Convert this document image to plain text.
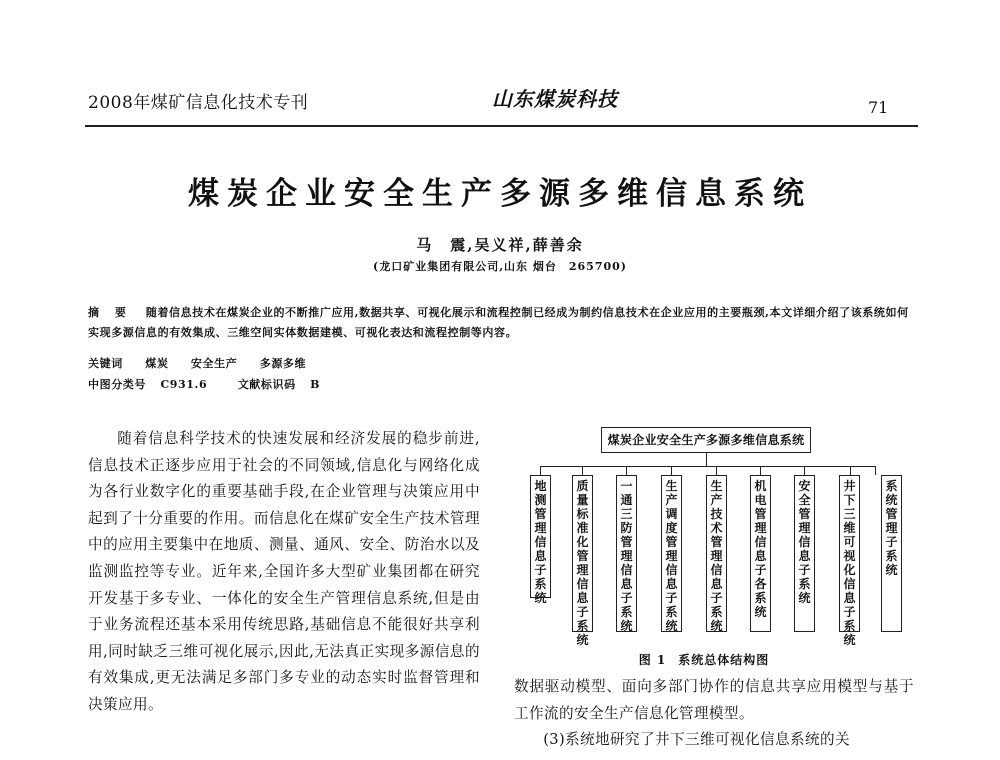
2008年煤矿信息化技术专刊	山东煤炭科技	71
煤炭企业安全生产多源多维信息系统
马　震,吴义祥,薛善余
(龙口矿业集团有限公司,山东 烟台　265700)
摘 要 随着信息技术在煤炭企业的不断推广应用,数据共享、可视化展示和流程控制已经成为制约信息技术在企业应用的主要瓶颈,本文详细介绍了该系统如何实现多源信息的有效集成、三维空间实体数据建模、可视化表达和流程控制等内容。
关键词 煤炭 安全生产 多源多维
中图分类号 C931.6	文献标识码 B

随着信息科学技术的快速发展和经济发展的稳步前进,信息技术正逐步应用于社会的不同领域,信息化与网络化成为各行业数字化的重要基础手段,在企业管理与决策应用中起到了十分重要的作用。而信息化在煤矿安全生产技术管理中的应用主要集中在地质、测量、通风、安全、防治水以及监测监控等专业。近年来,全国许多大型矿业集团都在研究开发基于多专业、一体化的安全生产管理信息系统,但是由于业务流程还基本采用传统思路,基础信息不能很好共享利用,同时缺乏三维可视化展示,因此,无法真正实现多源信息的有效集成,更无法满足多部门多专业的动态实时监督管理和决策应用。

煤炭企业安全生产多源多维信息系统
地测管理信息子系统
质量标准化管理信息子系统
一通三防管理信息子系统
生产调度管理信息子系统
生产技术管理信息子系统
机电管理信息子各系统
安全管理信息子系统
井下三维可视化信息子系统
系统管理子系统
图 1 系统总体结构图

数据驱动模型、面向多部门协作的信息共享应用模型与基于工作流的安全生产信息化管理模型。

(3)系统地研究了井下三维可视化信息系统的关
